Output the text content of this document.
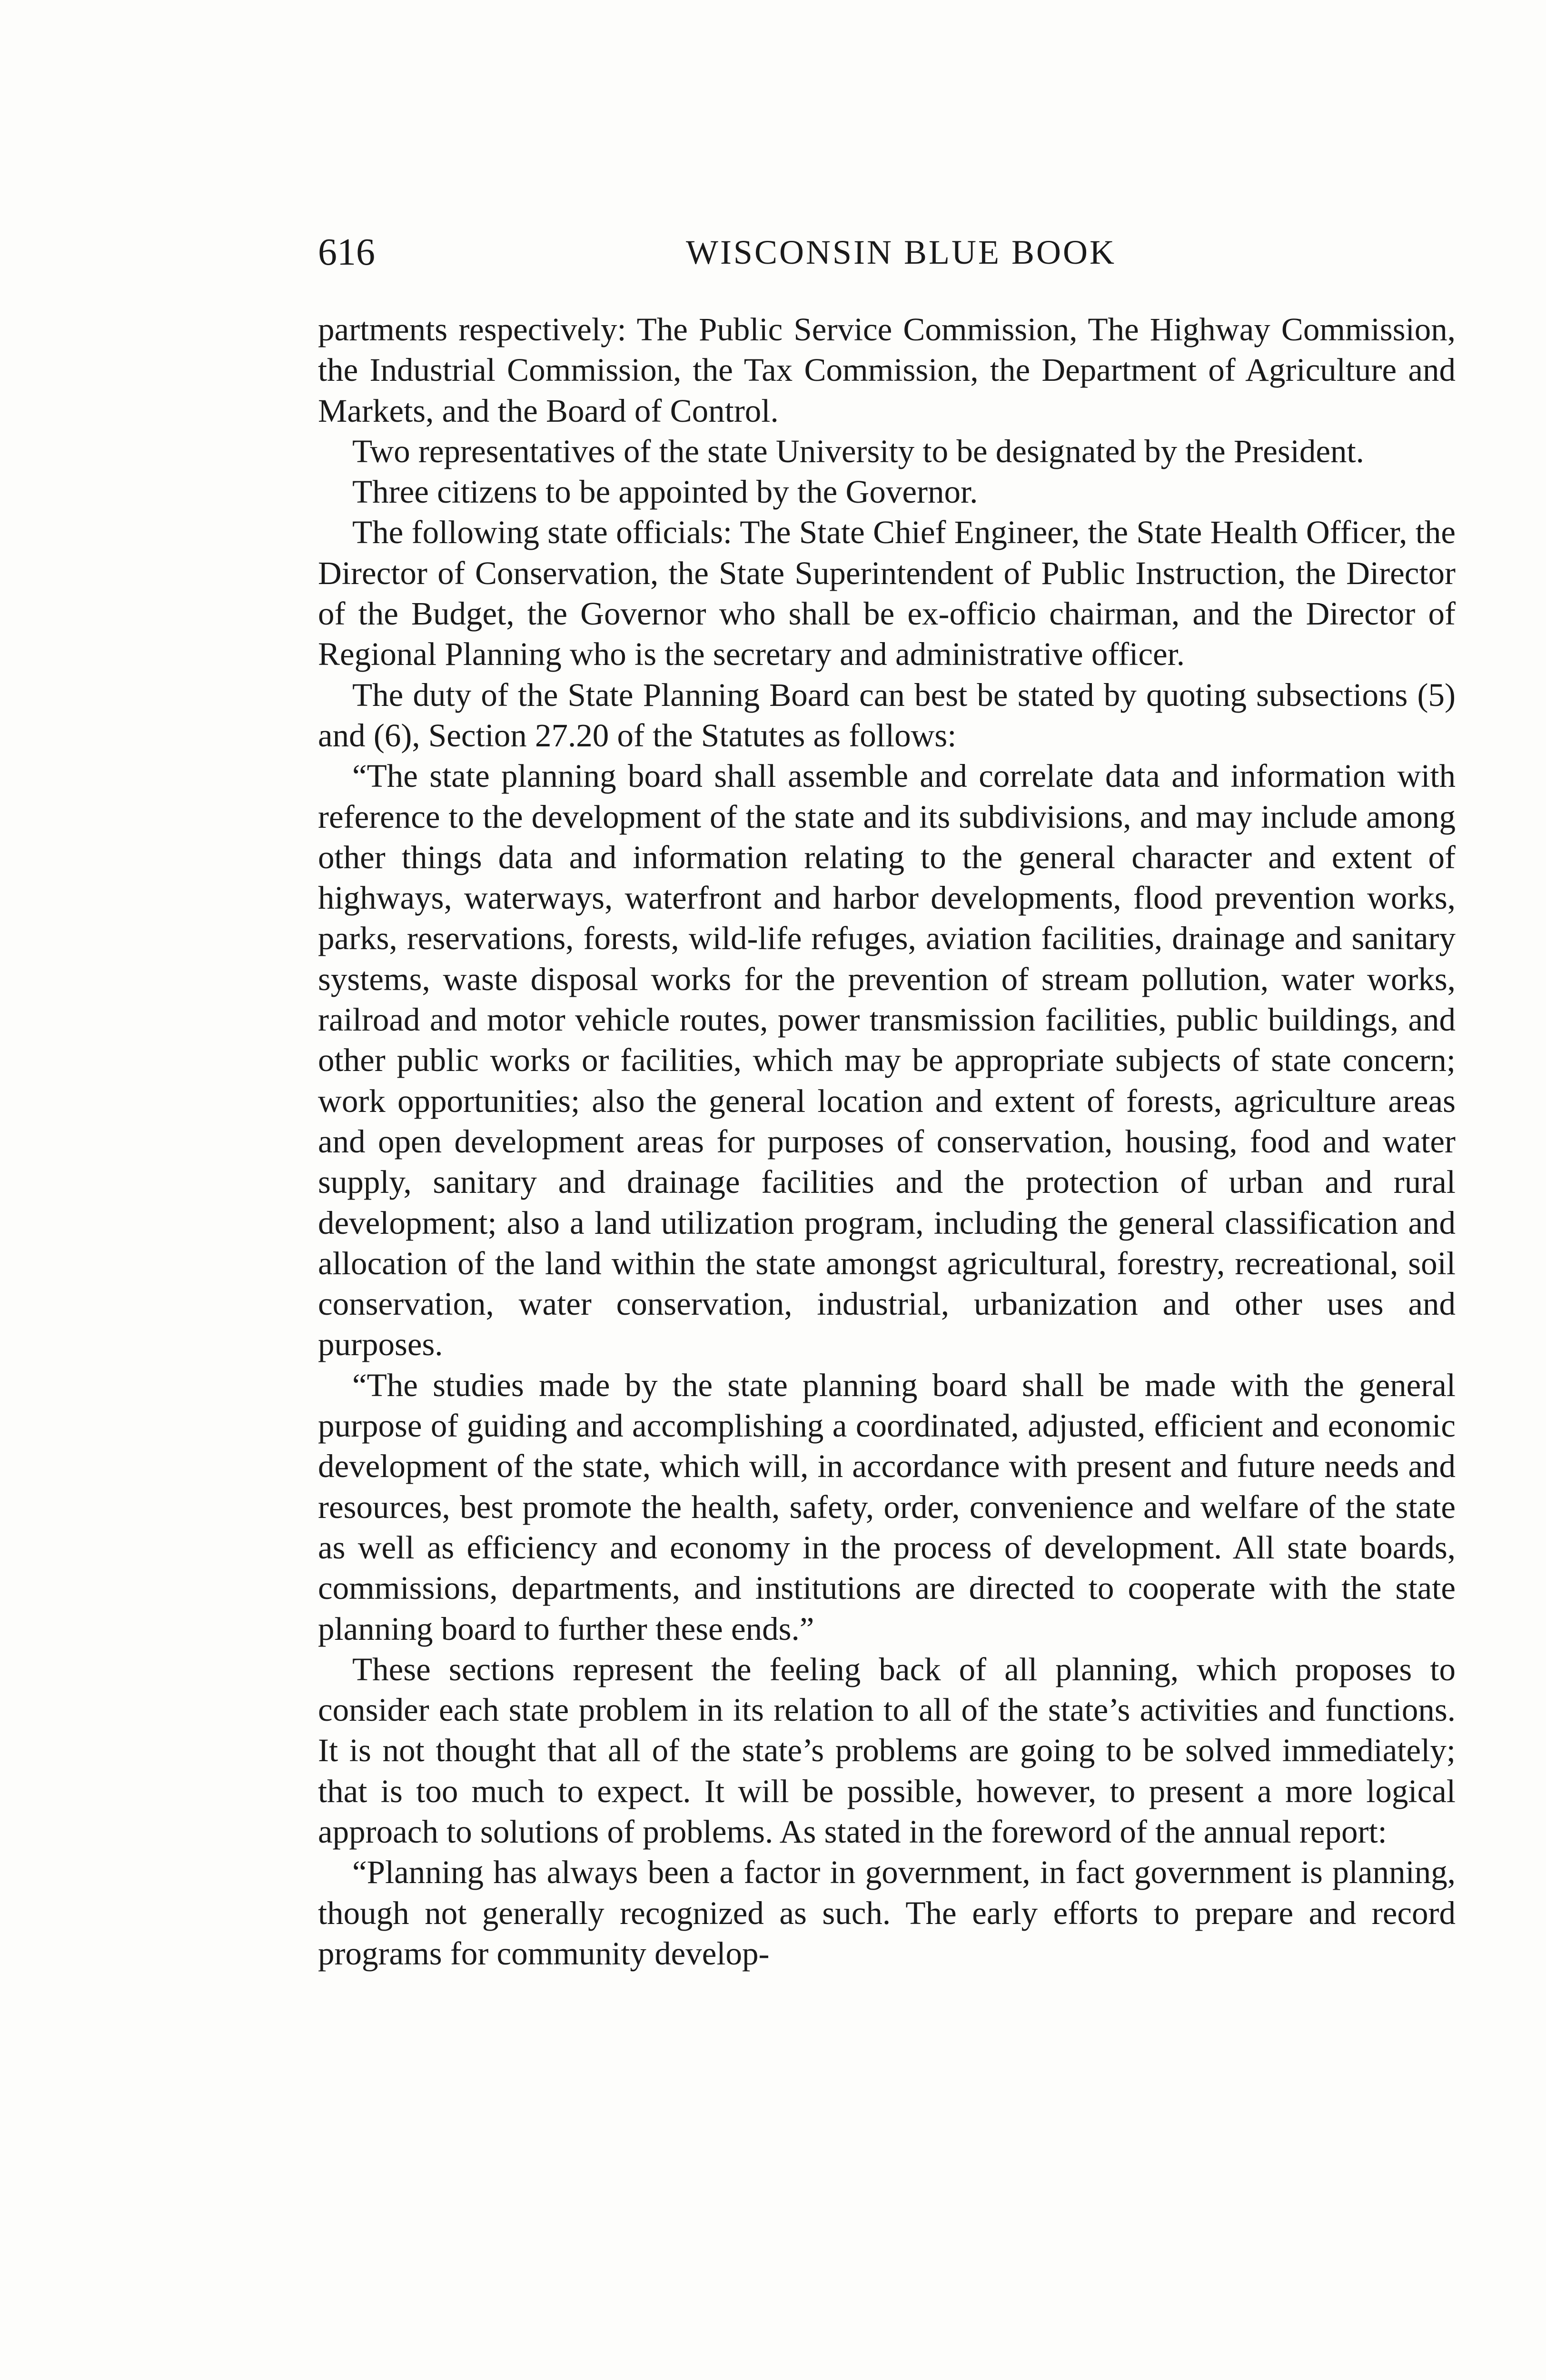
616	WISCONSIN BLUE BOOK

partments respectively: The Public Service Commission, The Highway Commission, the Industrial Commission, the Tax Commission, the Department of Agriculture and Markets, and the Board of Control.

Two representatives of the state University to be designated by the President.

Three citizens to be appointed by the Governor.

The following state officials: The State Chief Engineer, the State Health Officer, the Director of Conservation, the State Superintendent of Public Instruction, the Director of the Budget, the Governor who shall be ex-officio chairman, and the Director of Regional Planning who is the secretary and administrative officer.

The duty of the State Planning Board can best be stated by quoting subsections (5) and (6), Section 27.20 of the Statutes as follows:

“The state planning board shall assemble and correlate data and information with reference to the development of the state and its subdivisions, and may include among other things data and information relating to the general character and extent of highways, waterways, waterfront and harbor developments, flood prevention works, parks, reservations, forests, wild-life refuges, aviation facilities, drainage and sanitary systems, waste disposal works for the prevention of stream pollution, water works, railroad and motor vehicle routes, power transmission facilities, public buildings, and other public works or facilities, which may be appropriate subjects of state concern; work opportunities; also the general location and extent of forests, agriculture areas and open development areas for purposes of conservation, housing, food and water supply, sanitary and drainage facilities and the protection of urban and rural development; also a land utilization program, including the general classification and allocation of the land within the state amongst agricultural, forestry, recreational, soil conservation, water conservation, industrial, urbanization and other uses and purposes.

“The studies made by the state planning board shall be made with the general purpose of guiding and accomplishing a coordinated, adjusted, efficient and economic development of the state, which will, in accordance with present and future needs and resources, best promote the health, safety, order, convenience and welfare of the state as well as efficiency and economy in the process of development. All state boards, commissions, departments, and institutions are directed to cooperate with the state planning board to further these ends.”

These sections represent the feeling back of all planning, which proposes to consider each state problem in its relation to all of the state’s activities and functions. It is not thought that all of the state’s problems are going to be solved immediately; that is too much to expect. It will be possible, however, to present a more logical approach to solutions of problems. As stated in the foreword of the annual report:

“Planning has always been a factor in government, in fact government is planning, though not generally recognized as such. The early efforts to prepare and record programs for community develop-
